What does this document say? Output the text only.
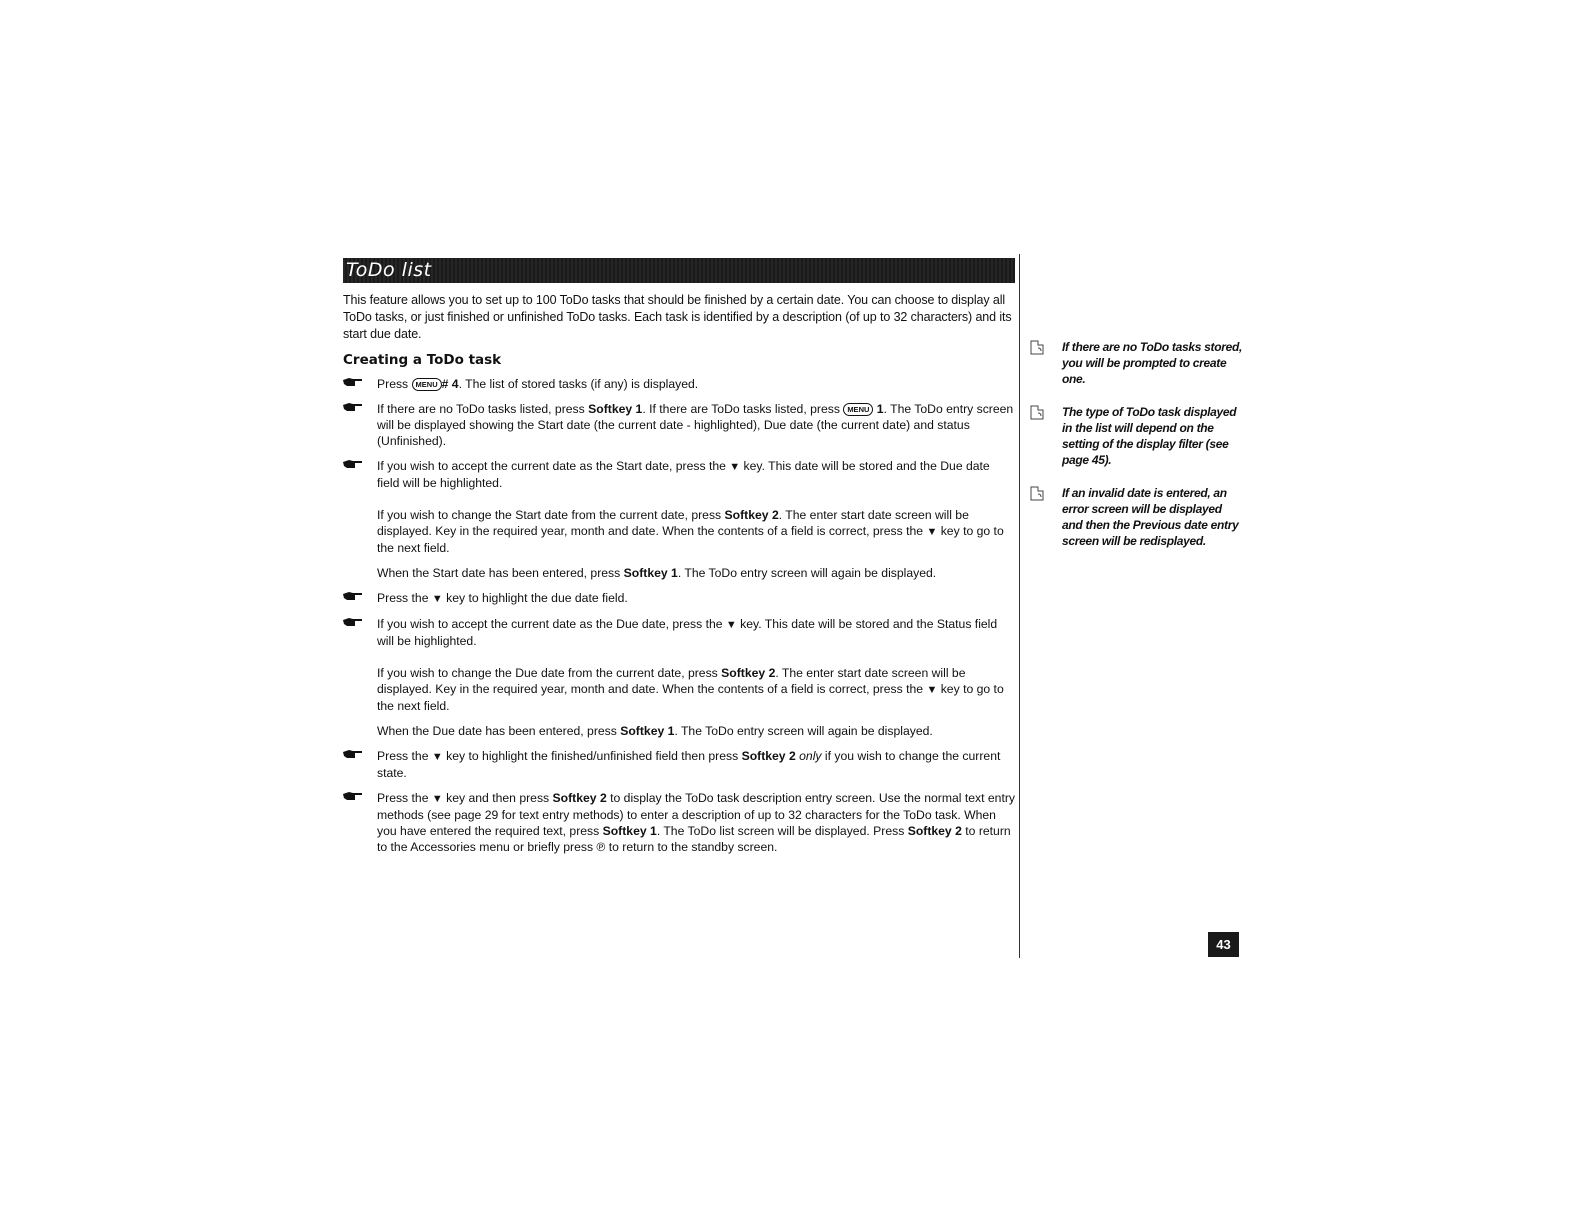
ToDo list

This feature allows you to set up to 100 ToDo tasks that should be finished by a certain date. You can choose to display all ToDo tasks, or just finished or unfinished ToDo tasks. Each task is identified by a description (of up to 32 characters) and its start due date.

Creating a ToDo task
Press MENU # 4. The list of stored tasks (if any) is displayed.
If there are no ToDo tasks listed, press Softkey 1. If there are ToDo tasks listed, press MENU 1. The ToDo entry screen will be displayed showing the Start date (the current date - highlighted), Due date (the current date) and status (Unfinished).
If you wish to accept the current date as the Start date, press the ▼ key. This date will be stored and the Due date field will be highlighted.
If you wish to change the Start date from the current date, press Softkey 2. The enter start date screen will be displayed. Key in the required year, month and date. When the contents of a field is correct, press the ▼ key to go to the next field.
When the Start date has been entered, press Softkey 1. The ToDo entry screen will again be displayed.
Press the ▼ key to highlight the due date field.
If you wish to accept the current date as the Due date, press the ▼ key. This date will be stored and the Status field will be highlighted.
If you wish to change the Due date from the current date, press Softkey 2. The enter start date screen will be displayed. Key in the required year, month and date. When the contents of a field is correct, press the ▼ key to go to the next field.
When the Due date has been entered, press Softkey 1. The ToDo entry screen will again be displayed.
Press the ▼ key to highlight the finished/unfinished field then press Softkey 2 only if you wish to change the current state.
Press the ▼ key and then press Softkey 2 to display the ToDo task description entry screen. Use the normal text entry methods (see page 29 for text entry methods) to enter a description of up to 32 characters for the ToDo task. When you have entered the required text, press Softkey 1. The ToDo list screen will be displayed. Press Softkey 2 to return to the Accessories menu or briefly press ℗ to return to the standby screen.
If there are no ToDo tasks stored, you will be prompted to create one.
The type of ToDo task displayed in the list will depend on the setting of the display filter (see page 45).
If an invalid date is entered, an error screen will be displayed and then the Previous date entry screen will be redisplayed.
43
